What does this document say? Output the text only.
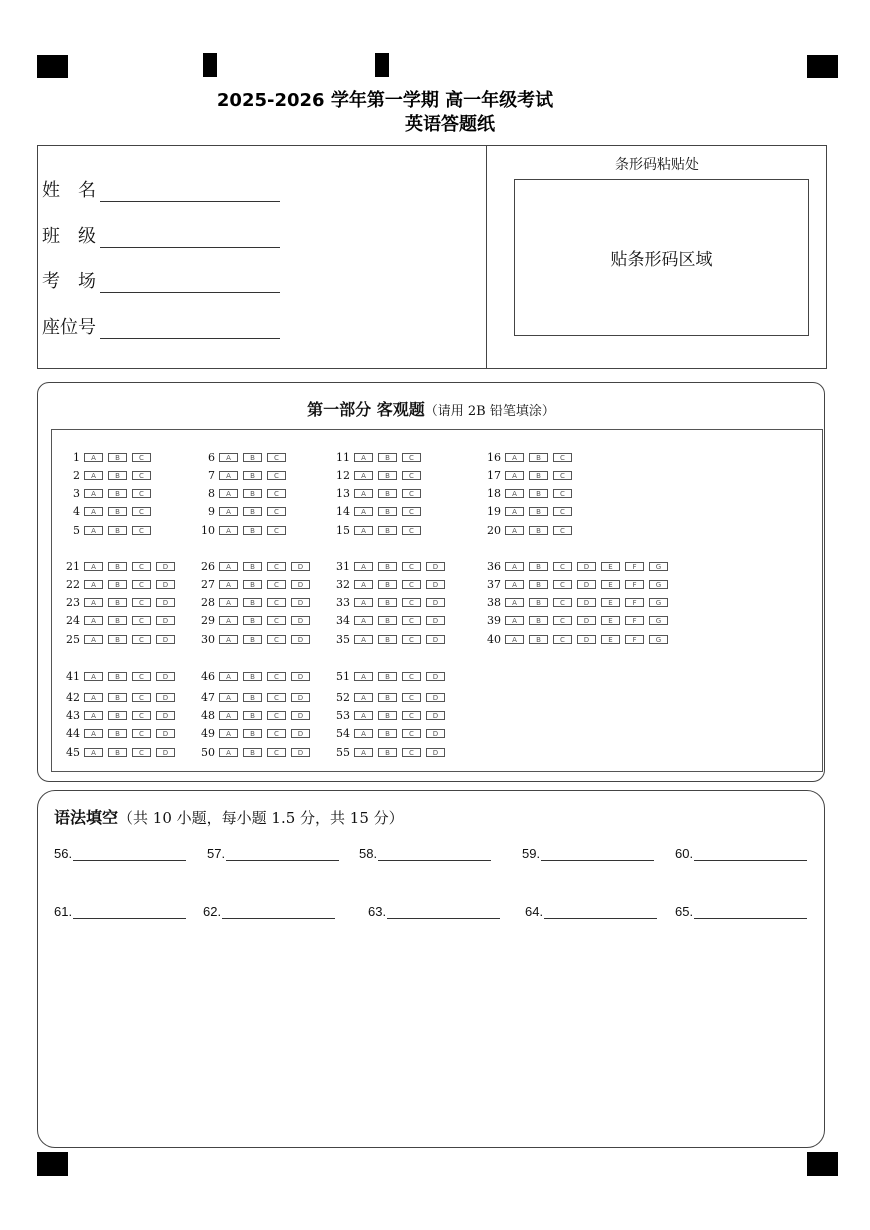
2025-2026 学年第一学期 高一年级考试
英语答题纸
姓　名
班　级
考　场
座位号
条形码粘贴处
贴条形码区域
第一部分 客观题（请用 2B 铅笔填涂）
1	A	B	C
2	A	B	C
3	A	B	C
4	A	B	C
5	A	B	C
6	A	B	C
7	A	B	C
8	A	B	C
9	A	B	C
10	A	B	C
11	A	B	C
12	A	B	C
13	A	B	C
14	A	B	C
15	A	B	C
16	A	B	C
17	A	B	C
18	A	B	C
19	A	B	C
20	A	B	C
21	A	B	C	D
22	A	B	C	D
23	A	B	C	D
24	A	B	C	D
25	A	B	C	D
26	A	B	C	D
27	A	B	C	D
28	A	B	C	D
29	A	B	C	D
30	A	B	C	D
31	A	B	C	D
32	A	B	C	D
33	A	B	C	D
34	A	B	C	D
35	A	B	C	D
36	A	B	C	D	E	F	G
37	A	B	C	D	E	F	G
38	A	B	C	D	E	F	G
39	A	B	C	D	E	F	G
40	A	B	C	D	E	F	G
41	A	B	C	D
42	A	B	C	D
43	A	B	C	D
44	A	B	C	D
45	A	B	C	D
46	A	B	C	D
47	A	B	C	D
48	A	B	C	D
49	A	B	C	D
50	A	B	C	D
51	A	B	C	D
52	A	B	C	D
53	A	B	C	D
54	A	B	C	D
55	A	B	C	D
语法填空（共 10 小题，每小题 1.5 分，共 15 分）
56.	57.	58.	59.	60.
61.	62.	63.	64.	65.
